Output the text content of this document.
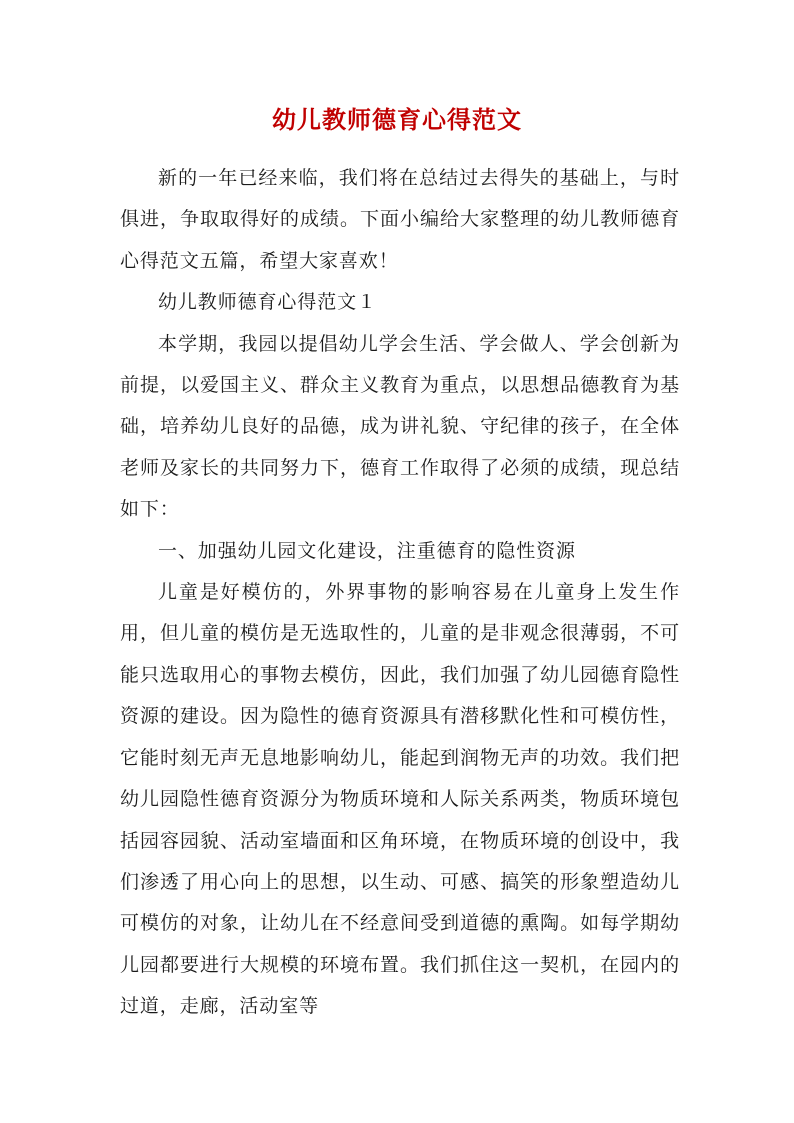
幼儿教师德育心得范文

新的一年已经来临，我们将在总结过去得失的基础上，与时俱进，争取取得好的成绩。下面小编给大家整理的幼儿教师德育心得范文五篇，希望大家喜欢！

幼儿教师德育心得范文１

本学期，我园以提倡幼儿学会生活、学会做人、学会创新为前提，以爱国主义、群众主义教育为重点，以思想品德教育为基础，培养幼儿良好的品德，成为讲礼貌、守纪律的孩子，在全体老师及家长的共同努力下，德育工作取得了必须的成绩，现总结如下：

一、加强幼儿园文化建设，注重德育的隐性资源

儿童是好模仿的，外界事物的影响容易在儿童身上发生作用，但儿童的模仿是无选取性的，儿童的是非观念很薄弱，不可能只选取用心的事物去模仿，因此，我们加强了幼儿园德育隐性资源的建设。因为隐性的德育资源具有潜移默化性和可模仿性，它能时刻无声无息地影响幼儿，能起到润物无声的功效。我们把幼儿园隐性德育资源分为物质环境和人际关系两类，物质环境包括园容园貌、活动室墙面和区角环境，在物质环境的创设中，我们渗透了用心向上的思想，以生动、可感、搞笑的形象塑造幼儿可模仿的对象，让幼儿在不经意间受到道德的熏陶。如每学期幼儿园都要进行大规模的环境布置。我们抓住这一契机，在园内的过道，走廊，活动室等
